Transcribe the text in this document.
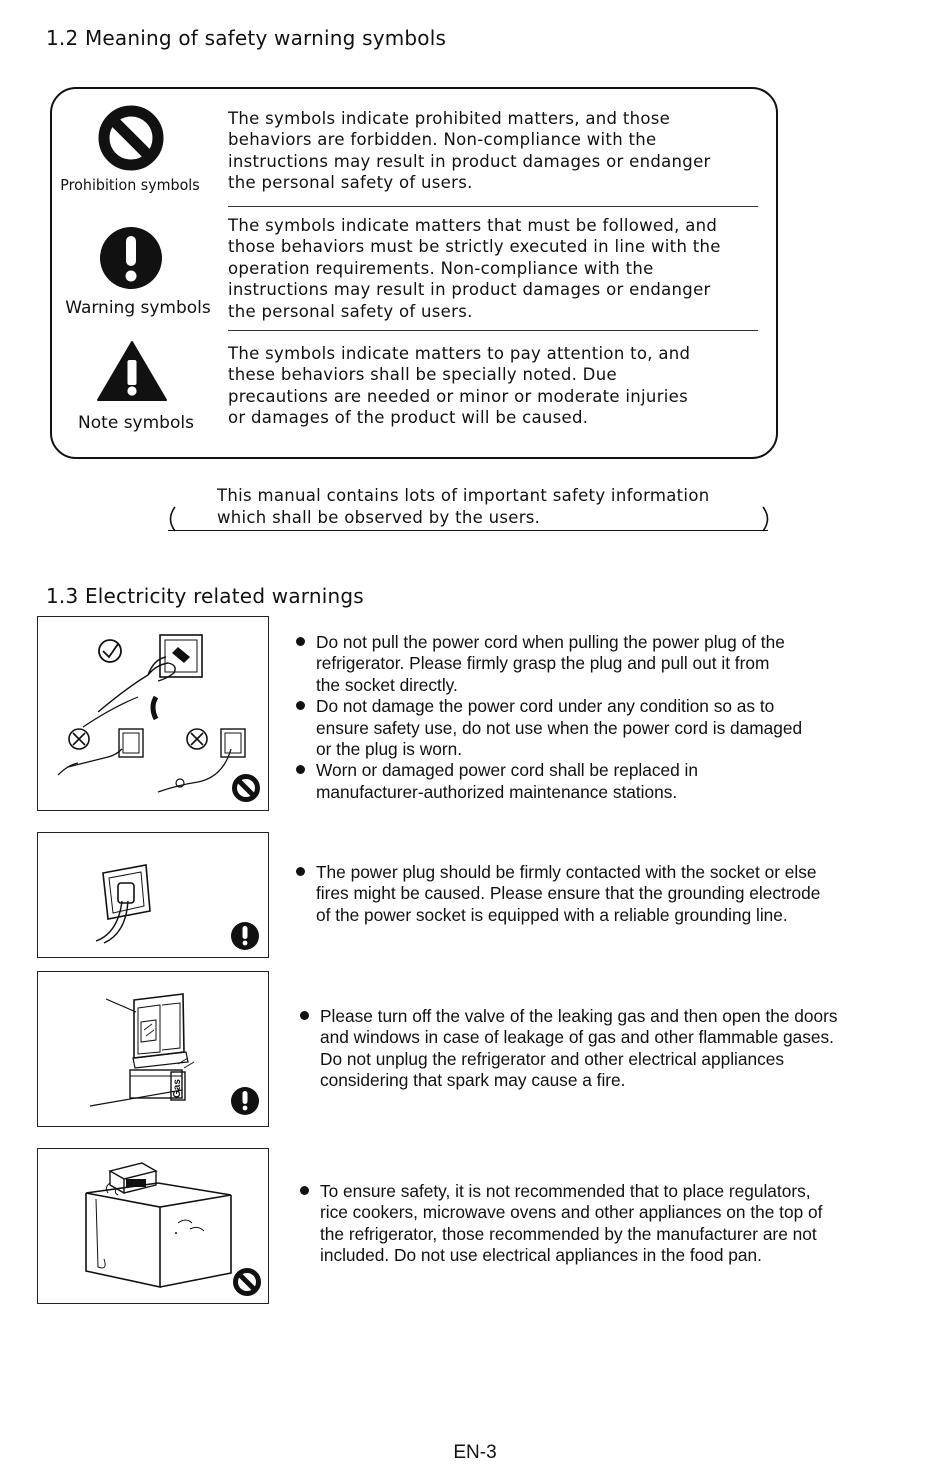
1.2 Meaning of safety warning symbols
Prohibition symbols
The symbols indicate prohibited matters, and those
behaviors are forbidden. Non-compliance with the
instructions may result in product damages or endanger
the personal safety of users.
Warning symbols
The symbols indicate matters that must be followed, and
those behaviors must be strictly executed in line with the
operation requirements. Non-compliance with the
instructions may result in product damages or endanger
the personal safety of users.
Note symbols
The symbols indicate matters to pay attention to, and
these behaviors shall be specially noted. Due
precautions are needed or minor or moderate injuries
or damages of the product will be caused.
This manual contains lots of important safety information
which shall be observed by the users.
1.3 Electricity related warnings
Do not pull the power cord when pulling the power plug of the
refrigerator. Please firmly grasp the plug and pull out it from
the socket directly.
Do not damage the power cord under any condition so as to
ensure safety use, do not use when the power cord is damaged
or the plug is worn.
Worn or damaged power cord shall be replaced in
manufacturer-authorized maintenance stations.
The power plug should be firmly contacted with the socket or else
fires might be caused. Please ensure that the grounding electrode
of the power socket is equipped with a reliable grounding line.
Gas
Please turn off the valve of the leaking gas and then open the doors
and windows in case of leakage of gas and other flammable gases.
Do not unplug the refrigerator and other electrical appliances
considering that spark may cause a fire.
To ensure safety, it is not recommended that to place regulators,
rice cookers, microwave ovens and other appliances on the top of
the refrigerator, those recommended by the manufacturer are not
included. Do not use electrical appliances in the food pan.
EN-3
